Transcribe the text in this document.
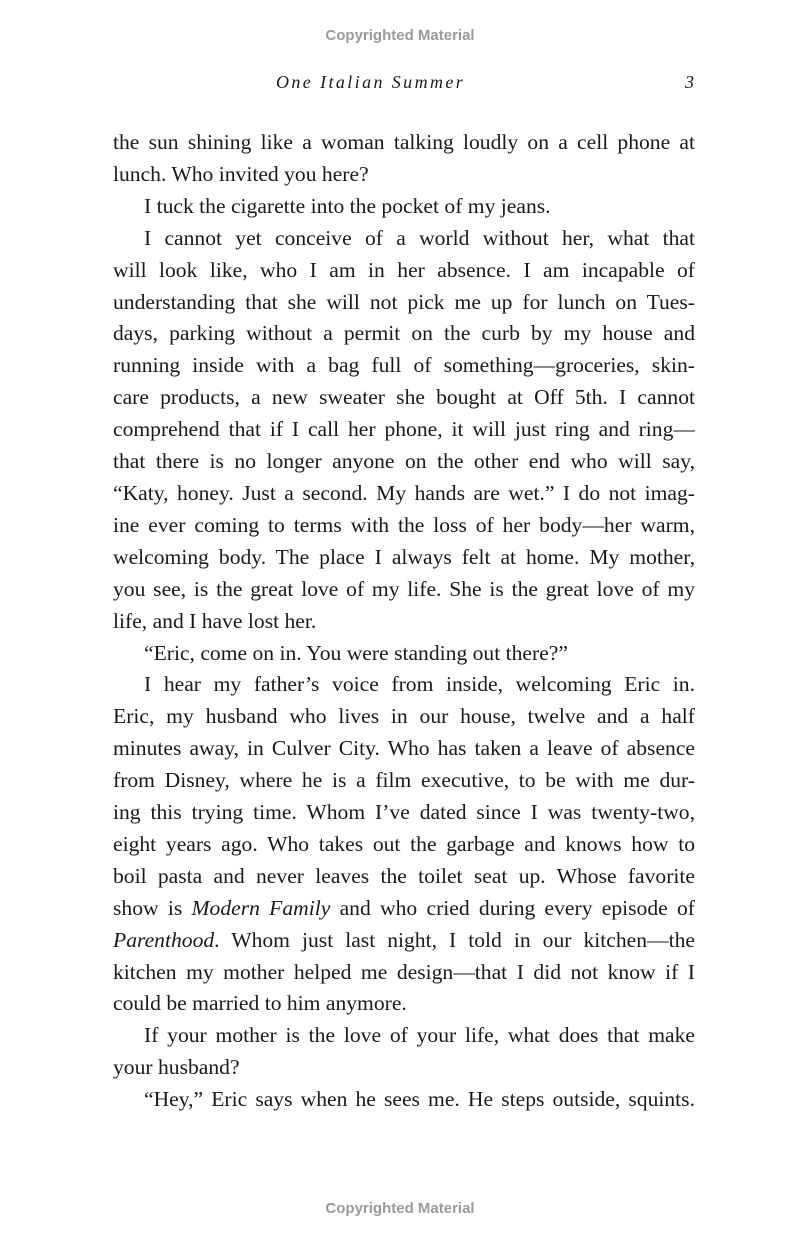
Copyrighted Material
One Italian Summer	3
the sun shining like a woman talking loudly on a cell phone at
lunch. Who invited you here?
I tuck the cigarette into the pocket of my jeans.
I cannot yet conceive of a world without her, what that
will look like, who I am in her absence. I am incapable of
understanding that she will not pick me up for lunch on Tues-
days, parking without a permit on the curb by my house and
running inside with a bag full of something—groceries, skin-
care products, a new sweater she bought at Off 5th. I cannot
comprehend that if I call her phone, it will just ring and ring—
that there is no longer anyone on the other end who will say,
“Katy, honey. Just a second. My hands are wet.” I do not imag-
ine ever coming to terms with the loss of her body—her warm,
welcoming body. The place I always felt at home. My mother,
you see, is the great love of my life. She is the great love of my
life, and I have lost her.
“Eric, come on in. You were standing out there?”
I hear my father’s voice from inside, welcoming Eric in.
Eric, my husband who lives in our house, twelve and a half
minutes away, in Culver City. Who has taken a leave of absence
from Disney, where he is a film executive, to be with me dur-
ing this trying time. Whom I’ve dated since I was twenty-two,
eight years ago. Who takes out the garbage and knows how to
boil pasta and never leaves the toilet seat up. Whose favorite
show is Modern Family and who cried during every episode of
Parenthood. Whom just last night, I told in our kitchen—the
kitchen my mother helped me design—that I did not know if I
could be married to him anymore.
If your mother is the love of your life, what does that make
your husband?
“Hey,” Eric says when he sees me. He steps outside, squints.
Copyrighted Material
